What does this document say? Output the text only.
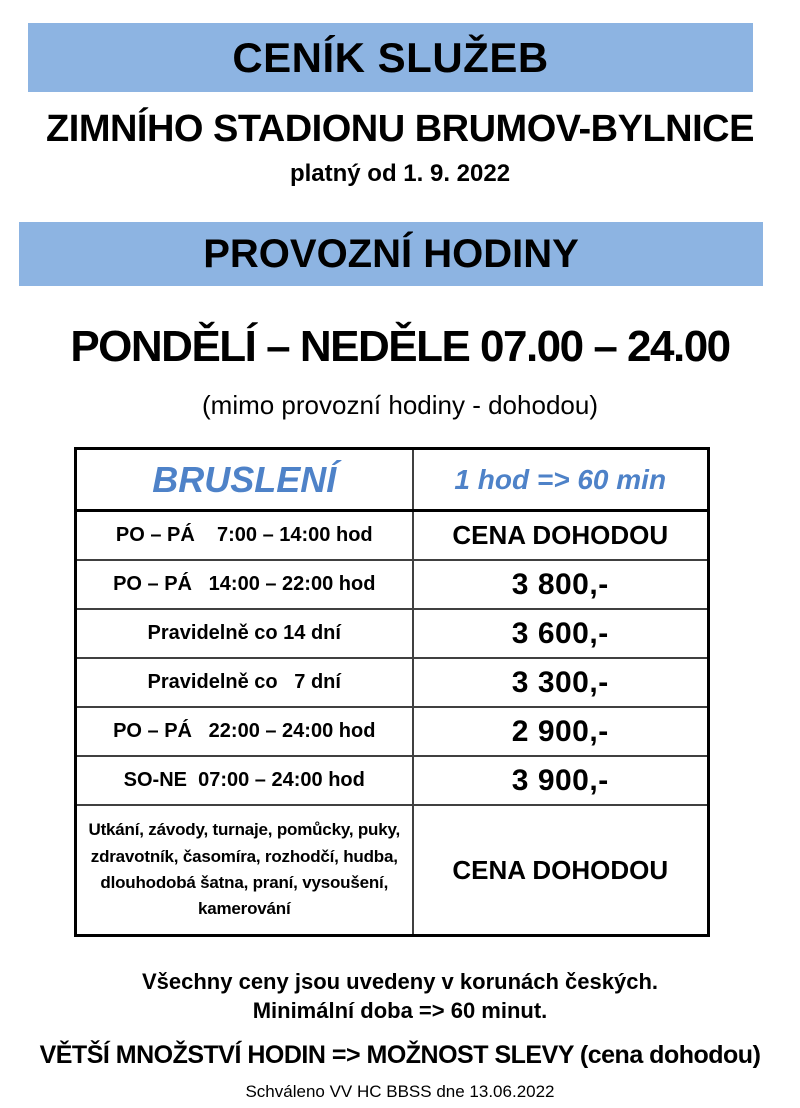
CENÍK SLUŽEB
ZIMNÍHO STADIONU BRUMOV-BYLNICE
platný od 1. 9. 2022
PROVOZNÍ HODINY
PONDĚLÍ – NEDĚLE 07.00 – 24.00
(mimo provozní hodiny - dohodou)
BRUSLENÍ	1 hod => 60 min
PO – PÁ    7:00 – 14:00 hod	CENA DOHODOU
PO – PÁ   14:00 – 22:00 hod	3 800,-
Pravidelně co 14 dní	3 600,-
Pravidelně co   7 dní	3 300,-
PO – PÁ   22:00 – 24:00 hod	2 900,-
SO-NE  07:00 – 24:00 hod	3 900,-
Utkání, závody, turnaje, pomůcky, puky, zdravotník, časomíra, rozhodčí, hudba, dlouhodobá šatna, praní, vysoušení, kamerování	CENA DOHODOU
Všechny ceny jsou uvedeny v korunách českých.
Minimální doba => 60 minut.
VĚTŠÍ MNOŽSTVÍ HODIN => MOŽNOST SLEVY (cena dohodou)
Schváleno VV HC BBSS dne 13.06.2022
